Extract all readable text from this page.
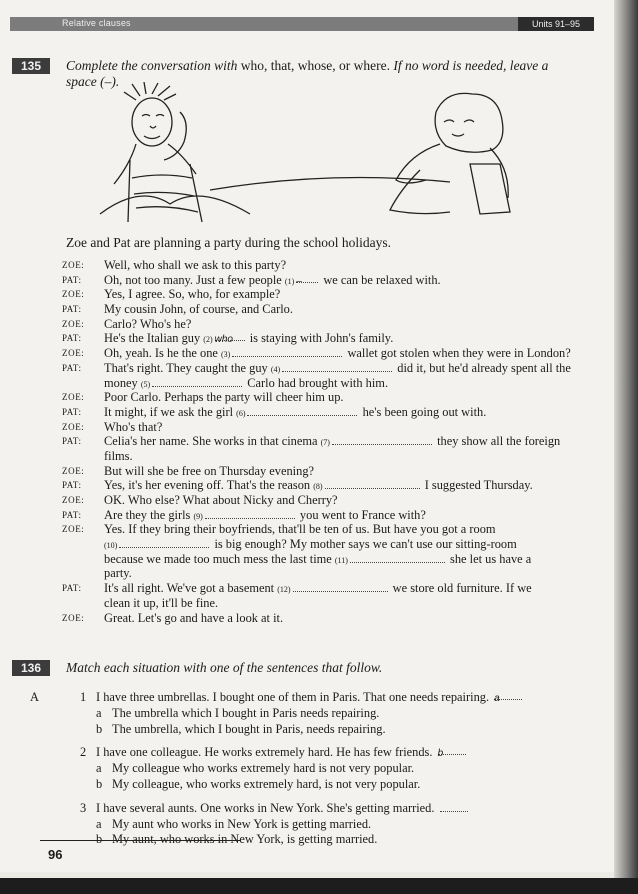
Relative clauses	Units 91–95
135	Complete the conversation with who, that, whose, or where. If no word is needed, leave a
space (–).
Zoe and Pat are planning a party during the school holidays.
ZOE:	Well, who shall we ask to this party?
PAT:	Oh, not too many. Just a few people (1) – we can be relaxed with.
ZOE:	Yes, I agree. So, who, for example?
PAT:	My cousin John, of course, and Carlo.
ZOE:	Carlo? Who's he?
PAT:	He's the Italian guy (2) who is staying with John's family.
ZOE:	Oh, yeah. Is he the one (3)	wallet got stolen when they were in London?
PAT:	That's right. They caught the guy (4)	did it, but he'd already spent all the
money (5)	Carlo had brought with him.
ZOE:	Poor Carlo. Perhaps the party will cheer him up.
PAT:	It might, if we ask the girl (6)	he's been going out with.
ZOE:	Who's that?
PAT:	Celia's her name. She works in that cinema (7)	they show all the foreign
films.
ZOE:	But will she be free on Thursday evening?
PAT:	Yes, it's her evening off. That's the reason (8)	I suggested Thursday.
ZOE:	OK. Who else? What about Nicky and Cherry?
PAT:	Are they the girls (9)	you went to France with?
ZOE:	Yes. If they bring their boyfriends, that'll be ten of us. But have you got a room
(10)	is big enough? My mother says we can't use our sitting-room
because we made too much mess the last time (11)	she let us have a
party.
PAT:	It's all right. We've got a basement (12)	we store old furniture. If we
clean it up, it'll be fine.
ZOE:	Great. Let's go and have a look at it.
136	Match each situation with one of the sentences that follow.
A	1 I have three umbrellas. I bought one of them in Paris. That one needs repairing. a
a The umbrella which I bought in Paris needs repairing.
b The umbrella, which I bought in Paris, needs repairing.
2 I have one colleague. He works extremely hard. He has few friends. b
a My colleague who works extremely hard is not very popular.
b My colleague, who works extremely hard, is not very popular.
3 I have several aunts. One works in New York. She's getting married.
a My aunt who works in New York is getting married.
b My aunt, who works in New York, is getting married.
96
